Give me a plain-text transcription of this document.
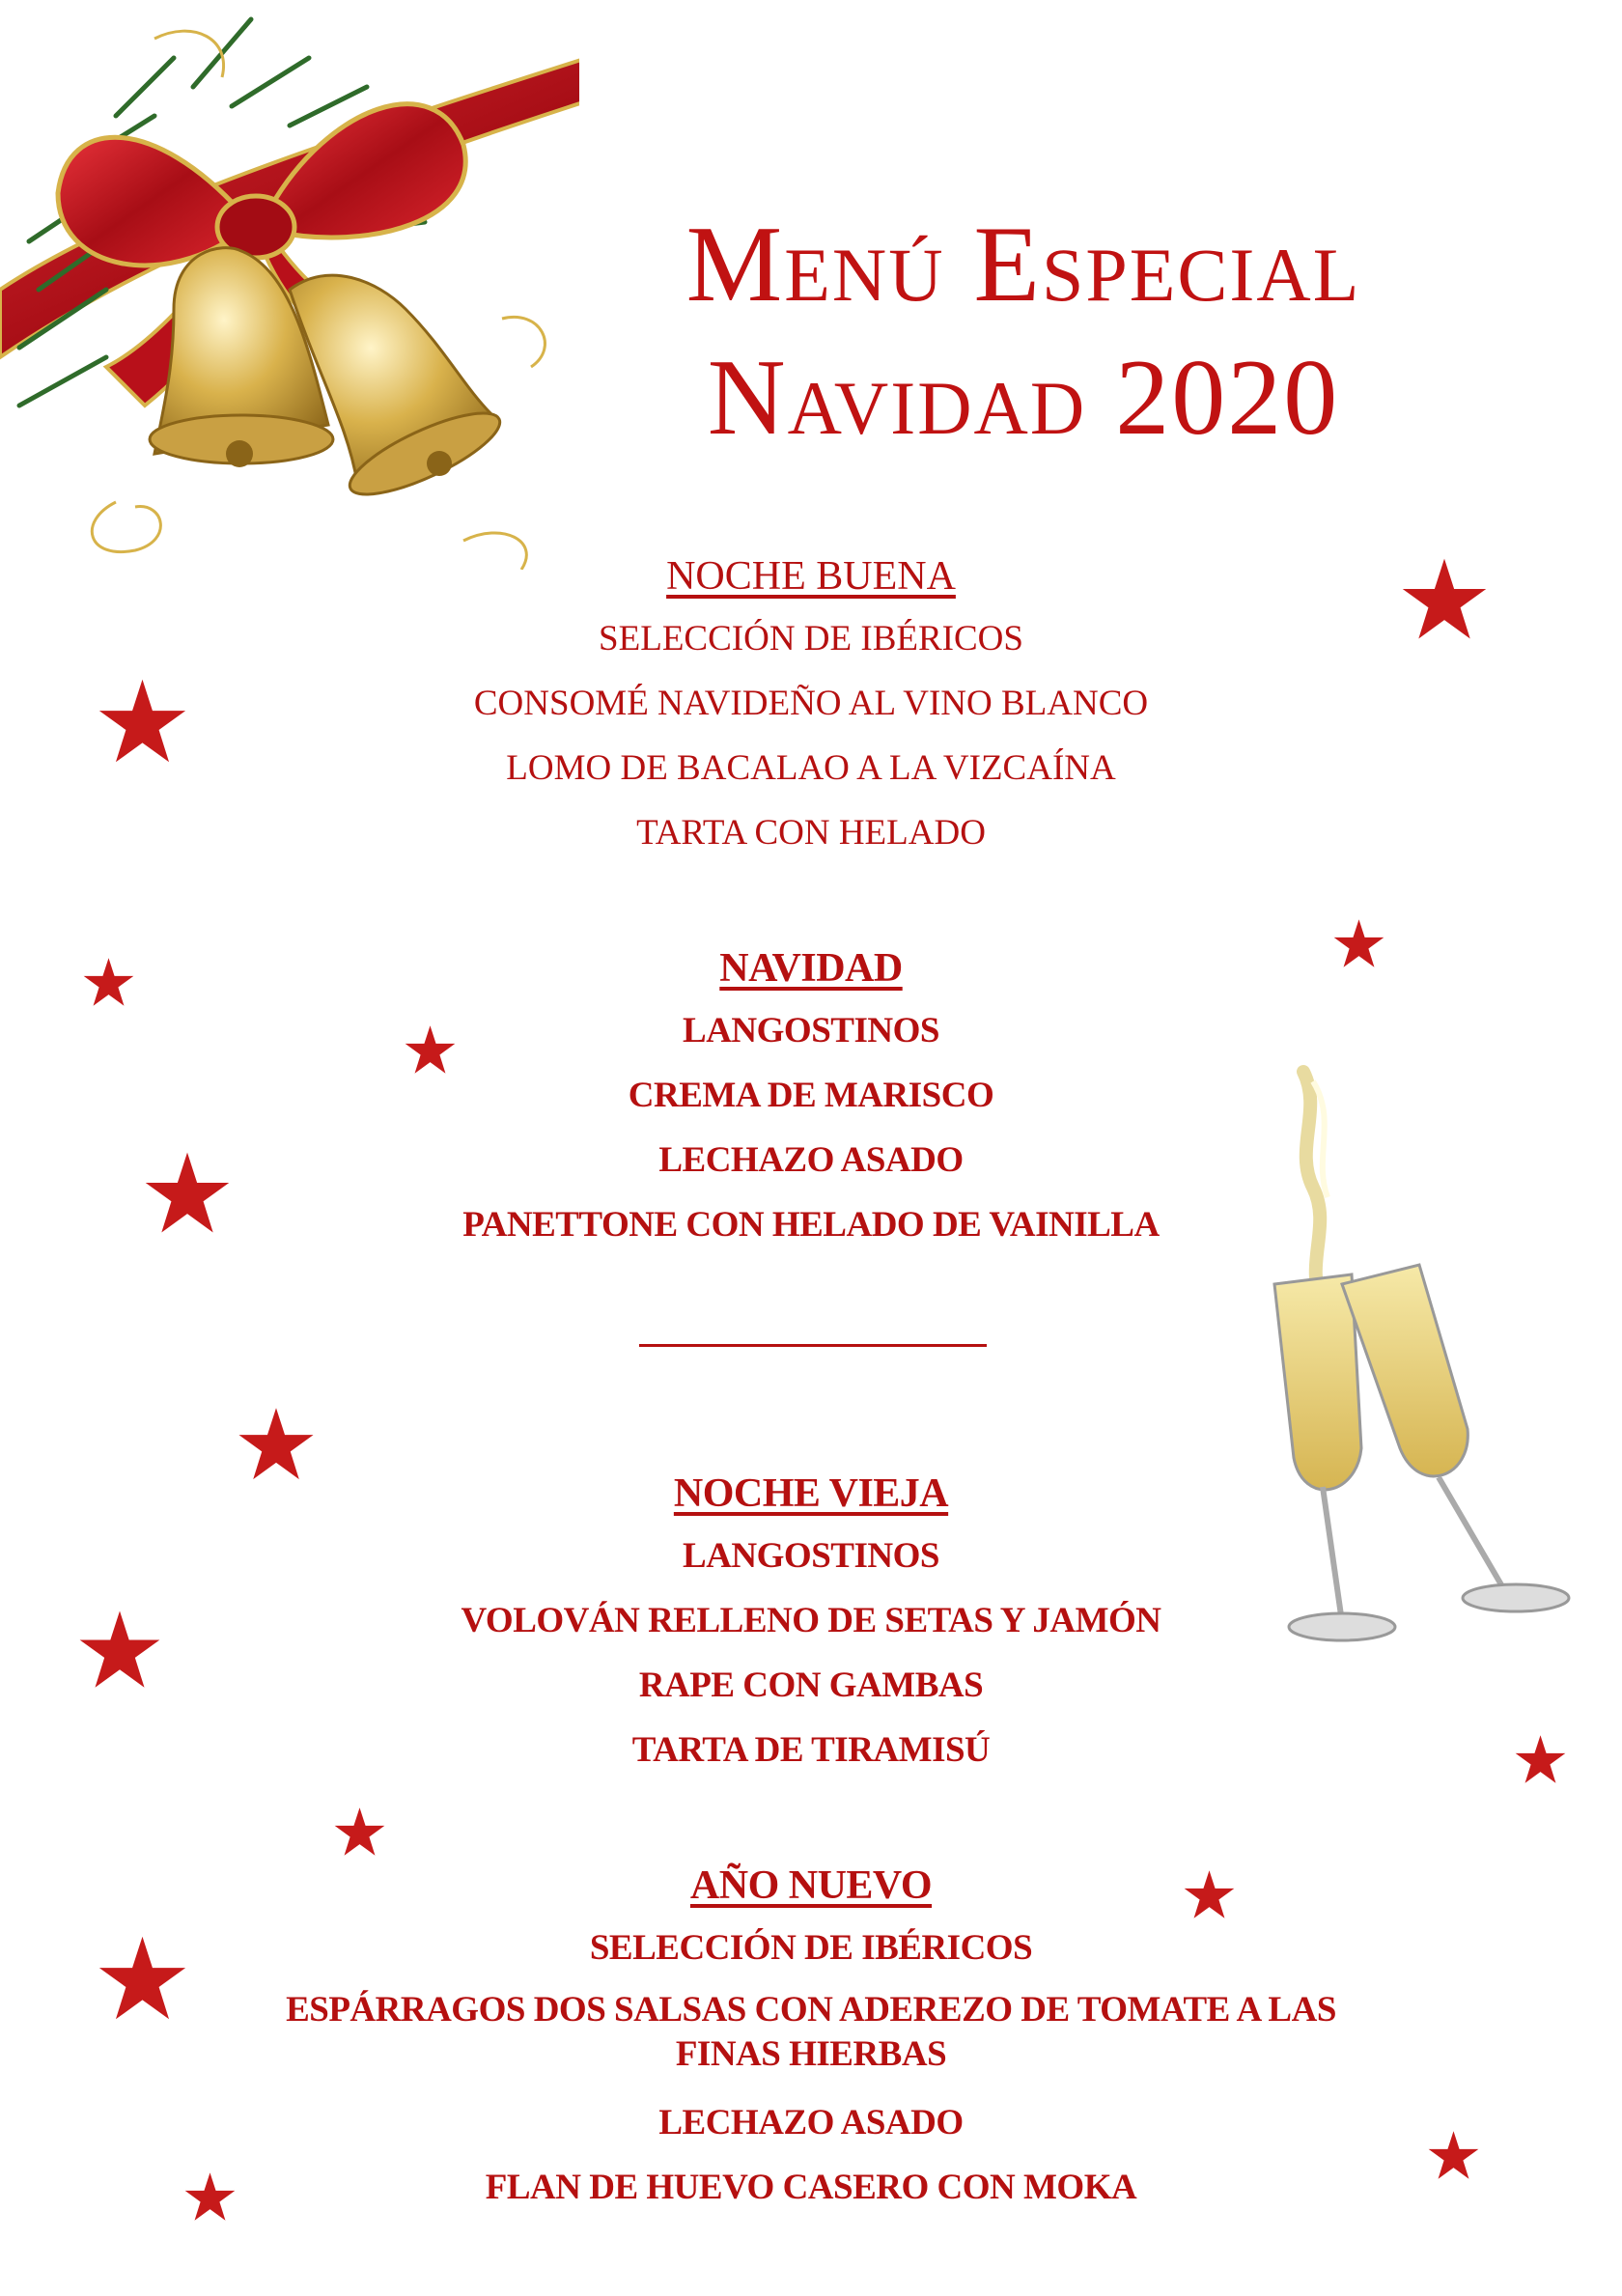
Menú Especial
Navidad 2020

NOCHE BUENA

SELECCIÓN DE IBÉRICOS
CONSOMÉ NAVIDEÑO AL VINO BLANCO
LOMO DE BACALAO A LA VIZCAÍNA
TARTA CON HELADO

NAVIDAD

LANGOSTINOS
CREMA DE MARISCO
LECHAZO ASADO
PANETTONE CON HELADO DE VAINILLA

NOCHE VIEJA

LANGOSTINOS
VOLOVÁN RELLENO DE SETAS Y JAMÓN
RAPE CON GAMBAS
TARTA DE TIRAMISÚ

AÑO NUEVO

SELECCIÓN DE IBÉRICOS
ESPÁRRAGOS DOS SALSAS CON ADEREZO DE TOMATE A LAS FINAS HIERBAS
LECHAZO ASADO
FLAN DE HUEVO CASERO CON MOKA
